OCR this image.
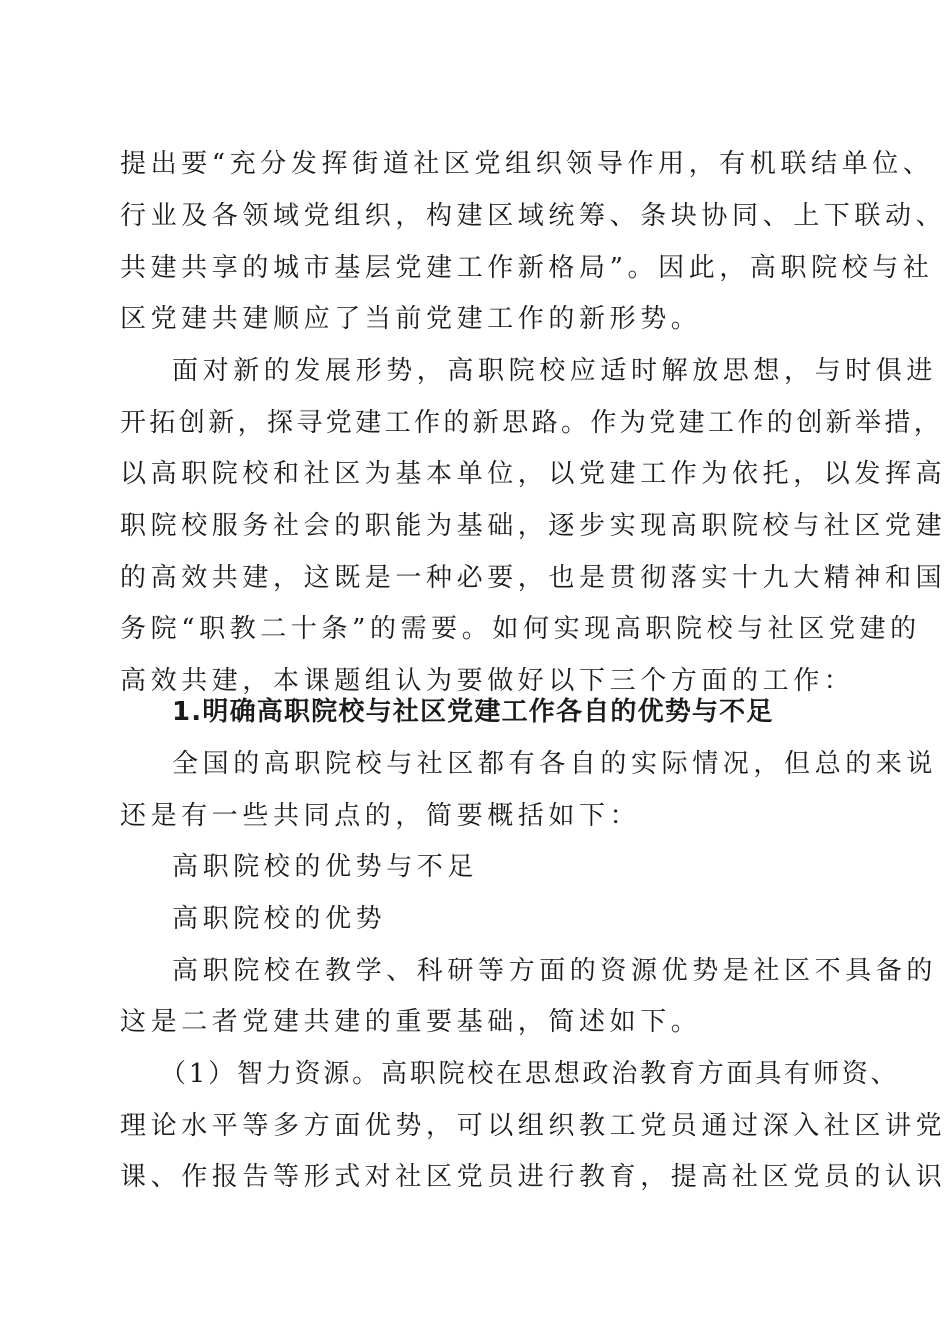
提出要“充分发挥街道社区党组织领导作用，有机联结单位、
行业及各领域党组织，构建区域统筹、条块协同、上下联动、
共建共享的城市基层党建工作新格局”。因此，高职院校与社
区党建共建顺应了当前党建工作的新形势。
面对新的发展形势，高职院校应适时解放思想，与时俱进
开拓创新，探寻党建工作的新思路。作为党建工作的创新举措，
以高职院校和社区为基本单位，以党建工作为依托，以发挥高
职院校服务社会的职能为基础，逐步实现高职院校与社区党建
的高效共建，这既是一种必要，也是贯彻落实十九大精神和国
务院“职教二十条”的需要。如何实现高职院校与社区党建的
高效共建，本课题组认为要做好以下三个方面的工作：
1.明确高职院校与社区党建工作各自的优势与不足
全国的高职院校与社区都有各自的实际情况，但总的来说
还是有一些共同点的，简要概括如下：
高职院校的优势与不足
高职院校的优势
高职院校在教学、科研等方面的资源优势是社区不具备的
这是二者党建共建的重要基础，简述如下。
（1）智力资源。高职院校在思想政治教育方面具有师资、
理论水平等多方面优势，可以组织教工党员通过深入社区讲党
课、作报告等形式对社区党员进行教育，提高社区党员的认识
